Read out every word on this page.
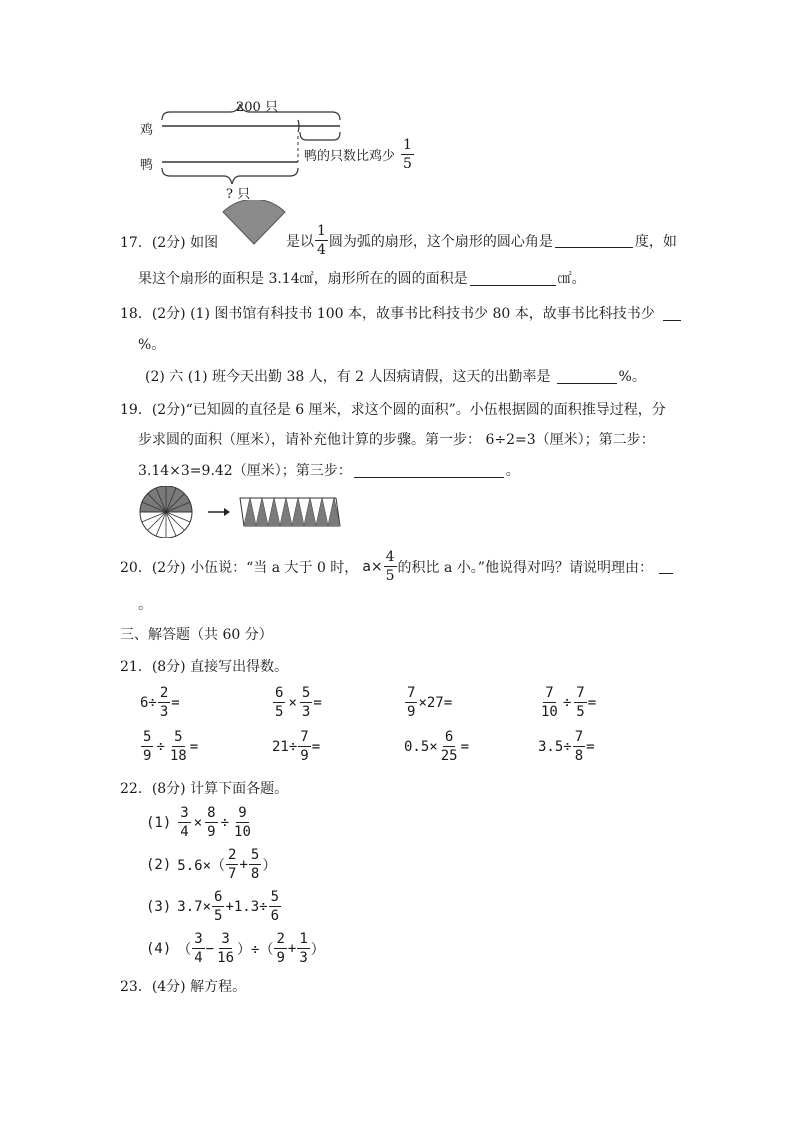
200 只
鸡
鸭
? 只
鸭的只数比鸡少 $\frac{1}{5}$
17．(2分) 如图	是以 $\frac{1}{4}$ 圆为弧的扇形，这个扇形的圆心角是	度，如
果这个扇形的面积是 3.14㎠，扇形所在的圆的面积是	㎠。
18．(2分) (1) 图书馆有科技书 100 本，故事书比科技书少 80 本，故事书比科技书少
%。
(2) 六 (1) 班今天出勤 38 人，有 2 人因病请假，这天的出勤率是	%。
19．(2分)“已知圆的直径是 6 厘米，求这个圆的面积”。小伍根据圆的面积推导过程，分
步求圆的面积（厘米），请补充他计算的步骤。第一步： 6÷2=3（厘米）；第二步：
3.14×3=9.42（厘米）；第三步：	。
20．(2分) 小伍说：“当 a 大于 0 时， $a\times \frac{4}{5}$ 的积比 a 小。”他说得对吗？请说明理由：
。
三、解答题（共 60 分）
21．(8分) 直接写出得数。
$6\div \frac{2}{3}$ =	$\frac{6}{5} \times \frac{5}{3}$ =	$\frac{7}{9} \times 27$ =	$\frac{7}{10} \div \frac{7}{5}$ =
$\frac{5}{9} \div \frac{5}{18}$ =	$21\div \frac{7}{9}$ =	$0.5\times \frac{6}{25}$ =	$3.5\div \frac{7}{8}$ =
22．(8分) 计算下面各题。
$(1) \frac{3}{4} \times \frac{8}{9} \div \frac{9}{10}$
(2) $5.6\times( \frac{2}{7} + \frac{5}{8}$ ）
(3) $3.7\times \frac{6}{5} +1.3\div \frac{5}{6}$
(4) （ $\frac{3}{4} - \frac{3}{16}$ ）÷（ $\frac{2}{9} + \frac{1}{3}$ ）
23．(4分) 解方程。
